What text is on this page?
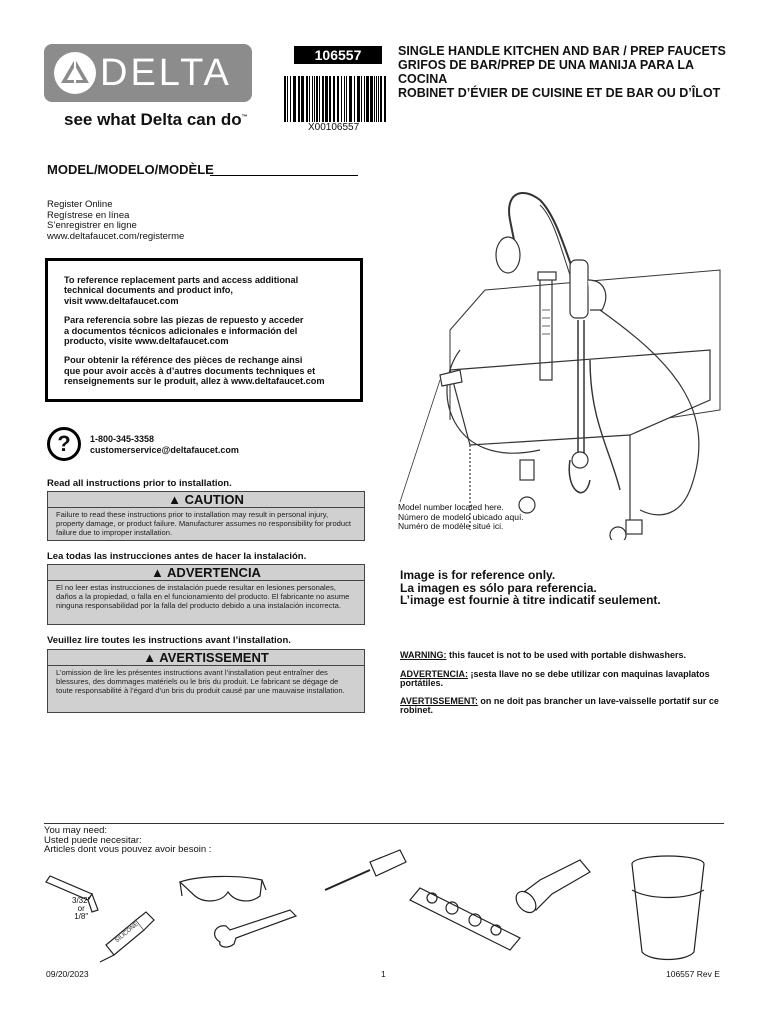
DELTA
see what Delta can do™
106557
X00106557
SINGLE HANDLE KITCHEN AND BAR / PREP FAUCETS
GRIFOS DE BAR/PREP DE UNA MANIJA PARA LA
COCINA
ROBINET D’ÉVIER DE CUISINE ET DE BAR OU D’ÎLOT
MODEL/MODELO/MODÈLE
Register Online
Regístrese en línea
S’enregistrer en ligne
www.deltafaucet.com/registerme

To reference replacement parts and access additional
technical documents and product info,
visit www.deltafaucet.com

Para referencia sobre las piezas de repuesto y acceder
a documentos técnicos adicionales e información del
producto, visite www.deltafaucet.com

Pour obtenir la référence des pièces de rechange ainsi
que pour avoir accès à d’autres documents techniques et
renseignements sur le produit, allez à www.deltafaucet.com

?	1-800-345-3358
customerservice@deltafaucet.com
Read all instructions prior to installation.
▲ CAUTION
Failure to read these instructions prior to installation may result in personal injury, property damage, or product failure. Manufacturer assumes no responsibility for product failure due to improper installation.
Lea todas las instrucciones antes de hacer la instalación.
▲ ADVERTENCIA
El no leer estas instrucciones de instalación puede resultar en lesiones personales, daños a la propiedad, o falla en el funcionamiento del producto. El fabricante no asume ninguna responsabilidad por la falla del producto debido a una instalación incorrecta.
Veuillez lire toutes les instructions avant l’installation.
▲ AVERTISSEMENT
L’omission de lire les présentes instructions avant l’installation peut entraîner des blessures, des dommages matériels ou le bris du produit. Le fabricant se dégage de toute responsabilité à l’égard d’un bris du produit causé par une mauvaise installation.
Model number located here.
Número de modelo ubicado aquí.
Numéro de modèle situé ici.
Image is for reference only.
La imagen es sólo para referencia.
L’image est fournie à titre indicatif seulement.

WARNING: this faucet is not to be used with portable dishwashers.

ADVERTENCIA: ¡sesta llave no se debe utilizar con maquinas lavaplatos portátiles.

AVERTISSEMENT: on ne doit pas brancher un lave-vaisselle portatif sur ce robinet.

You may need:
Usted puede necesitar:
Articles dont vous pouvez avoir besoin :
SILICONE
3/32"
or
1/8"
09/20/2023	1	106557 Rev E
